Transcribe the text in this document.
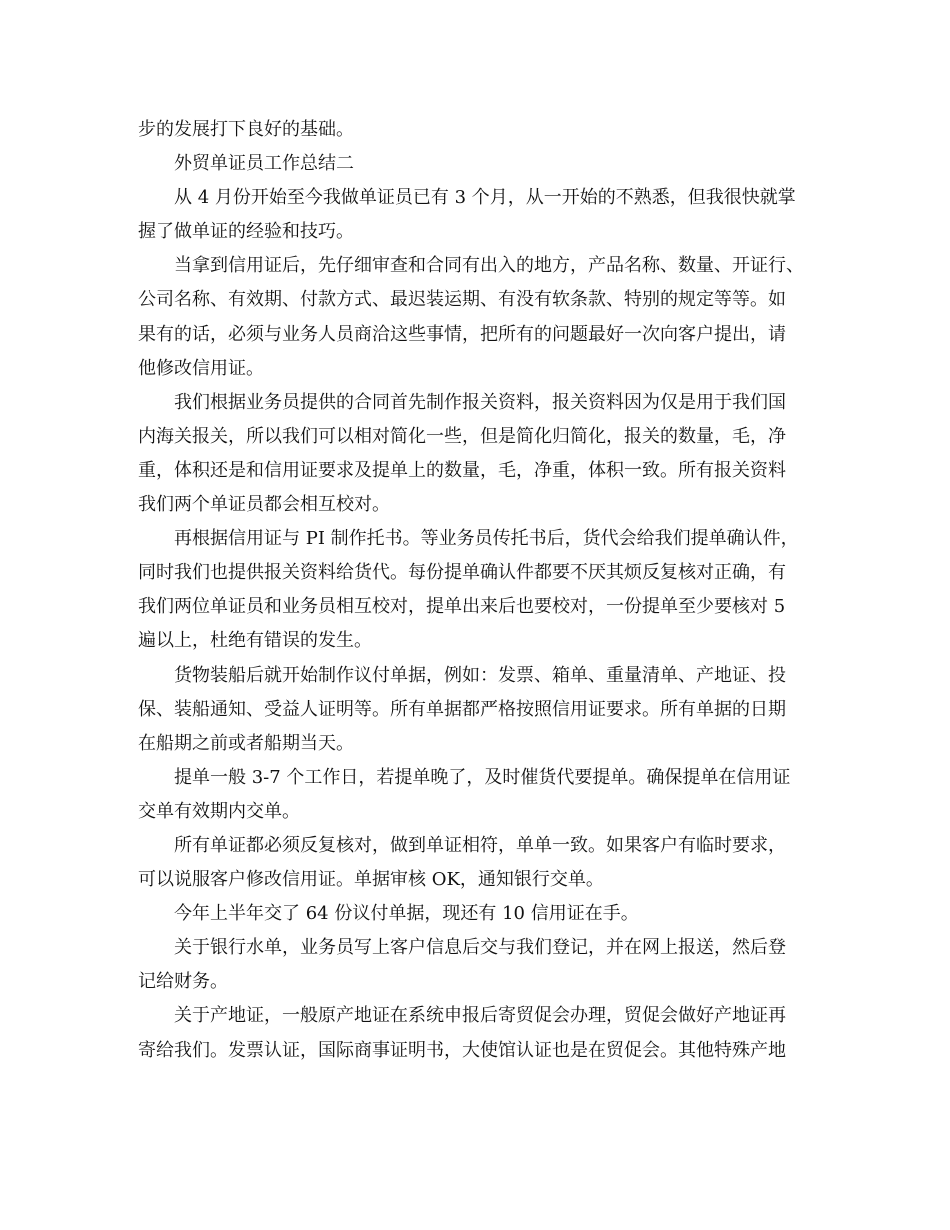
步的发展打下良好的基础。
外贸单证员工作总结二
从 4 月份开始至今我做单证员已有 3 个月，从一开始的不熟悉，但我很快就掌
握了做单证的经验和技巧。
当拿到信用证后，先仔细审查和合同有出入的地方，产品名称、数量、开证行、
公司名称、有效期、付款方式、最迟装运期、有没有软条款、特别的规定等等。如
果有的话，必须与业务人员商洽这些事情，把所有的问题最好一次向客户提出，请
他修改信用证。
我们根据业务员提供的合同首先制作报关资料，报关资料因为仅是用于我们国
内海关报关，所以我们可以相对简化一些，但是简化归简化，报关的数量，毛，净
重，体积还是和信用证要求及提单上的数量，毛，净重，体积一致。所有报关资料
我们两个单证员都会相互校对。
再根据信用证与 PI 制作托书。等业务员传托书后，货代会给我们提单确认件，
同时我们也提供报关资料给货代。每份提单确认件都要不厌其烦反复核对正确，有
我们两位单证员和业务员相互校对，提单出来后也要校对，一份提单至少要核对 5
遍以上，杜绝有错误的发生。
货物装船后就开始制作议付单据，例如：发票、箱单、重量清单、产地证、投
保、装船通知、受益人证明等。所有单据都严格按照信用证要求。所有单据的日期
在船期之前或者船期当天。
提单一般 3-7 个工作日，若提单晚了，及时催货代要提单。确保提单在信用证
交单有效期内交单。
所有单证都必须反复核对，做到单证相符，单单一致。如果客户有临时要求，
可以说服客户修改信用证。单据审核 OK，通知银行交单。
今年上半年交了 64 份议付单据，现还有 10 信用证在手。
关于银行水单，业务员写上客户信息后交与我们登记，并在网上报送，然后登
记给财务。
关于产地证，一般原产地证在系统申报后寄贸促会办理，贸促会做好产地证再
寄给我们。发票认证，国际商事证明书，大使馆认证也是在贸促会。其他特殊产地
